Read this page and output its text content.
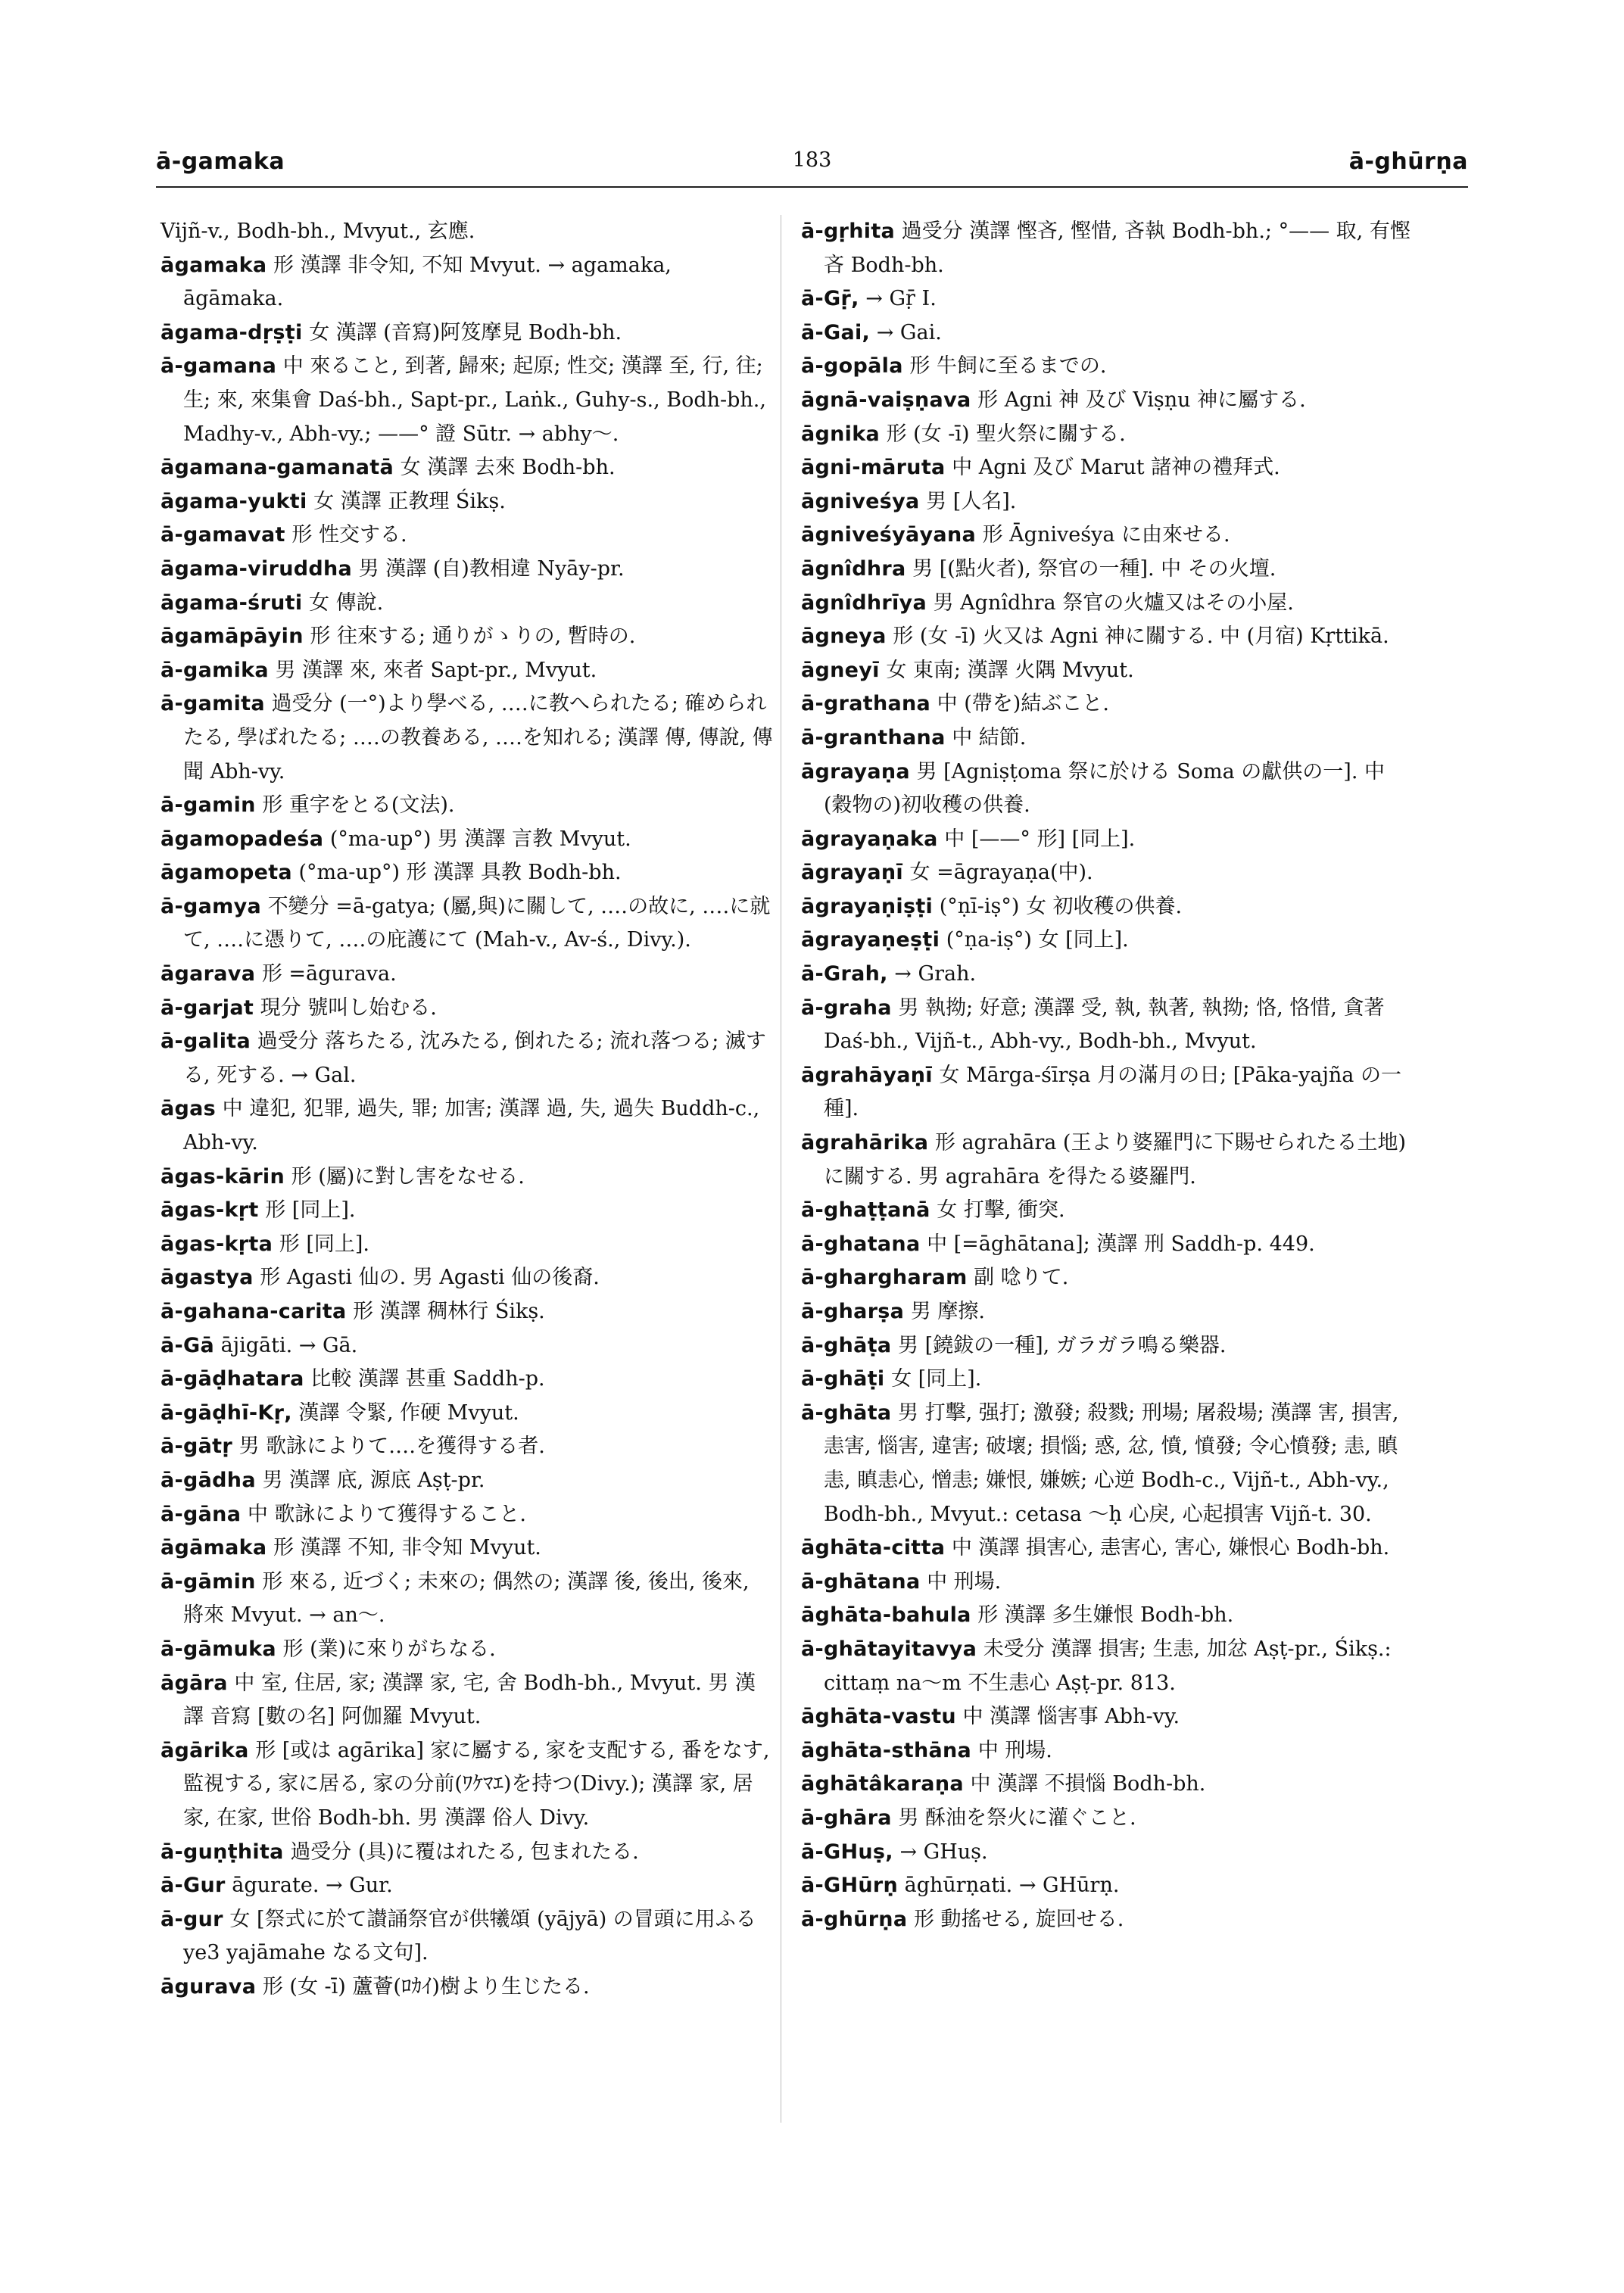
ā-gamaka	183	ā-ghūrṇa

Vijñ-v., Bodh-bh., Mvyut., 玄應.

āgamaka 形 漢譯 非令知, 不知 Mvyut. → agamaka, āgāmaka.

āgama-dṛṣṭi 女 漢譯 (音寫)阿笈摩見 Bodh-bh.

ā-gamana 中 來ること, 到著, 歸來; 起原; 性交; 漢譯 至, 行, 往; 生; 來, 來集會 Daś-bh., Sapt-pr., Laṅk., Guhy-s., Bodh-bh., Madhy-v., Abh-vy.; ——° 證 Sūtr. → abhy〜.

āgamana-gamanatā 女 漢譯 去來 Bodh-bh.

āgama-yukti 女 漢譯 正教理 Śikṣ.

ā-gamavat 形 性交する.

āgama-viruddha 男 漢譯 (自)教相違 Nyāy-pr.

āgama-śruti 女 傳說.

āgamāpāyin 形 往來する; 通りがゝりの, 暫時の.

ā-gamika 男 漢譯 來, 來者 Sapt-pr., Mvyut.

ā-gamita 過受分 (一°)より學べる, ‥‥に教へられたる; 確められたる, 學ばれたる; ‥‥の教養ある, ‥‥を知れる; 漢譯 傳, 傳說, 傳聞 Abh-vy.

ā-gamin 形 重字をとる(文法).

āgamopadeśa (°ma-up°) 男 漢譯 言教 Mvyut.

āgamopeta (°ma-up°) 形 漢譯 具教 Bodh-bh.

ā-gamya 不變分 =ā-gatya; (屬,與)に關して, ‥‥の故に, ‥‥に就て, ‥‥に憑りて, ‥‥の庇護にて (Mah-v., Av-ś., Divy.).

āgarava 形 =āgurava.

ā-garjat 現分 號叫し始むる.

ā-galita 過受分 落ちたる, 沈みたる, 倒れたる; 流れ落つる; 滅する, 死する. → Gal.

āgas 中 違犯, 犯罪, 過失, 罪; 加害; 漢譯 過, 失, 過失 Buddh-c., Abh-vy.

āgas-kārin 形 (屬)に對し害をなせる.

āgas-kṛt 形 [同上].

āgas-kṛta 形 [同上].

āgastya 形 Agasti 仙の. 男 Agasti 仙の後裔.

ā-gahana-carita 形 漢譯 稠林行 Śikṣ.

ā-Gā ājigāti. → Gā.

ā-gāḍhatara 比較 漢譯 甚重 Saddh-p.

ā-gāḍhī-Kṛ, 漢譯 令緊, 作硬 Mvyut.

ā-gātṛ 男 歌詠によりて‥‥を獲得する者.

ā-gādha 男 漢譯 底, 源底 Aṣṭ-pr.

ā-gāna 中 歌詠によりて獲得すること.

āgāmaka 形 漢譯 不知, 非令知 Mvyut.

ā-gāmin 形 來る, 近づく; 未來の; 偶然の; 漢譯 後, 後出, 後來, 將來 Mvyut. → an〜.

ā-gāmuka 形 (業)に來りがちなる.

āgāra 中 室, 住居, 家; 漢譯 家, 宅, 舍 Bodh-bh., Mvyut. 男 漢譯 音寫 [數の名] 阿伽羅 Mvyut.

āgārika 形 [或は agārika] 家に屬する, 家を支配する, 番をなす, 監視する, 家に居る, 家の分前(ﾜｹﾏｴ)を持つ(Divy.); 漢譯 家, 居家, 在家, 世俗 Bodh-bh. 男 漢譯 俗人 Divy.

ā-guṇṭhita 過受分 (具)に覆はれたる, 包まれたる.

ā-Gur āgurate. → Gur.

ā-gur 女 [祭式に於て讃誦祭官が供犧頌 (yājyā) の冒頭に用ふる ye3 yajāmahe なる文句].

āgurava 形 (女 -ī) 蘆薈(ﾛｶｲ)樹より生じたる.

ā-gṛhita 過受分 漢譯 慳吝, 慳惜, 吝執 Bodh-bh.; °—— 取, 有慳吝 Bodh-bh.

ā-Gṝ, → Gṝ I.

ā-Gai, → Gai.

ā-gopāla 形 牛飼に至るまでの.

āgnā-vaiṣṇava 形 Agni 神 及び Viṣṇu 神に屬する.

āgnika 形 (女 -ī) 聖火祭に關する.

āgni-māruta 中 Agni 及び Marut 諸神の禮拜式.

āgniveśya 男 [人名].

āgniveśyāyana 形 Āgniveśya に由來せる.

āgnîdhra 男 [(點火者), 祭官の一種]. 中 その火壇.

āgnîdhrīya 男 Agnîdhra 祭官の火爐又はその小屋.

āgneya 形 (女 -ī) 火又は Agni 神に關する. 中 (月宿) Kṛttikā.

āgneyī 女 東南; 漢譯 火隅 Mvyut.

ā-grathana 中 (帶を)結ぶこと.

ā-granthana 中 結節.

āgrayaṇa 男 [Agniṣṭoma 祭に於ける Soma の獻供の一]. 中 (穀物の)初收穫の供養.

āgrayaṇaka 中 [——° 形] [同上].

āgrayaṇī 女 =āgrayaṇa(中).

āgrayaṇiṣṭi (°ṇī-iṣ°) 女 初收穫の供養.

āgrayaṇeṣṭi (°ṇa-iṣ°) 女 [同上].

ā-Grah, → Grah.

ā-graha 男 執拗; 好意; 漢譯 受, 執, 執著, 執拗; 恪, 恪惜, 貪著 Daś-bh., Vijñ-t., Abh-vy., Bodh-bh., Mvyut.

āgrahāyaṇī 女 Mārga-śīrṣa 月の滿月の日; [Pāka-yajña の一種].

āgrahārika 形 agrahāra (王より婆羅門に下賜せられたる土地)に關する. 男 agrahāra を得たる婆羅門.

ā-ghaṭṭanā 女 打擊, 衝突.

ā-ghatana 中 [=āghātana]; 漢譯 刑 Saddh-p. 449.

ā-ghargharam 副 唸りて.

ā-gharṣa 男 摩擦.

ā-ghāṭa 男 [鐃鈸の一種], ガラガラ鳴る樂器.

ā-ghāṭi 女 [同上].

ā-ghāta 男 打擊, 强打; 激發; 殺戮; 刑場; 屠殺場; 漢譯 害, 損害, 恚害, 惱害, 違害; 破壞; 損惱; 惑, 忿, 憤, 憤發; 令心憤發; 恚, 瞋恚, 瞋恚心, 憎恚; 嫌恨, 嫌嫉; 心逆 Bodh-c., Vijñ-t., Abh-vy., Bodh-bh., Mvyut.: cetasa 〜ḥ 心戾, 心起損害 Vijñ-t. 30.

āghāta-citta 中 漢譯 損害心, 恚害心, 害心, 嫌恨心 Bodh-bh.

ā-ghātana 中 刑場.

āghāta-bahula 形 漢譯 多生嫌恨 Bodh-bh.

ā-ghātayitavya 未受分 漢譯 損害; 生恚, 加忿 Aṣṭ-pr., Śikṣ.: cittaṃ na〜m 不生恚心 Aṣṭ-pr. 813.

āghāta-vastu 中 漢譯 惱害事 Abh-vy.

āghāta-sthāna 中 刑場.

āghātâkaraṇa 中 漢譯 不損惱 Bodh-bh.

ā-ghāra 男 酥油を祭火に灌ぐこと.

ā-GHuṣ, → GHuṣ.

ā-GHūrṇ āghūrṇati. → GHūrṇ.

ā-ghūrṇa 形 動搖せる, 旋回せる.
